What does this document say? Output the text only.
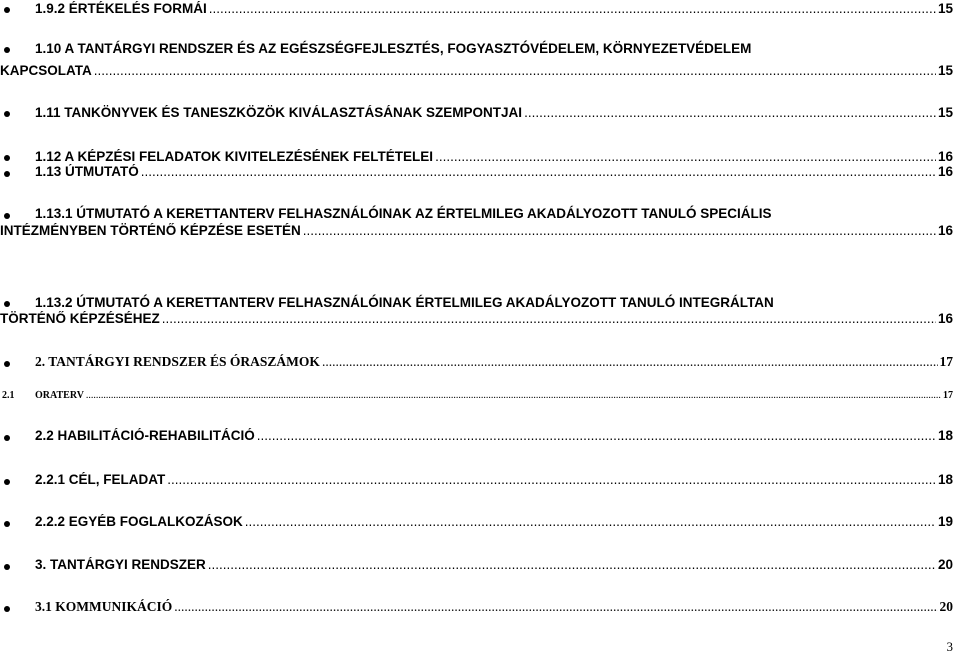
1.9.2 ÉRTÉKELÉS FORMÁI .....	15
1.10 A TANTÁRGYI RENDSZER ÉS AZ EGÉSZSÉGFEJLESZTÉS, FOGYASZTÓVÉDELEM, KÖRNYEZETVÉDELEM
KAPCSOLATA .....	15
1.11 TANKÖNYVEK ÉS TANESZKÖZÖK KIVÁLASZTÁSÁNAK SZEMPONTJAI .....	15
1.12 A KÉPZÉSI FELADATOK KIVITELEZÉSÉNEK FELTÉTELEI .....	16
1.13 ÚTMUTATÓ .....	16
1.13.1 ÚTMUTATÓ A KERETTANTERV FELHASZNÁLÓINAK AZ ÉRTELMILEG AKADÁLYOZOTT TANULÓ SPECIÁLIS
INTÉZMÉNYBEN TÖRTÉNŐ KÉPZÉSE ESETÉN .....	16
1.13.2 ÚTMUTATÓ A KERETTANTERV FELHASZNÁLÓINAK ÉRTELMILEG AKADÁLYOZOTT TANULÓ INTEGRÁLTAN
TÖRTÉNŐ KÉPZÉSÉHEZ .....	16
2. TANTÁRGYI RENDSZER ÉS ÓRASZÁMOK .....	17
2.1 ÓRATERV .....	17
2.2 HABILITÁCIÓ-REHABILITÁCIÓ .....	18
2.2.1 CÉL, FELADAT .....	18
2.2.2 EGYÉB FOGLALKOZÁSOK .....	19
3. TANTÁRGYI RENDSZER .....	20
3.1 KOMMUNIKÁCIÓ .....	20
3
